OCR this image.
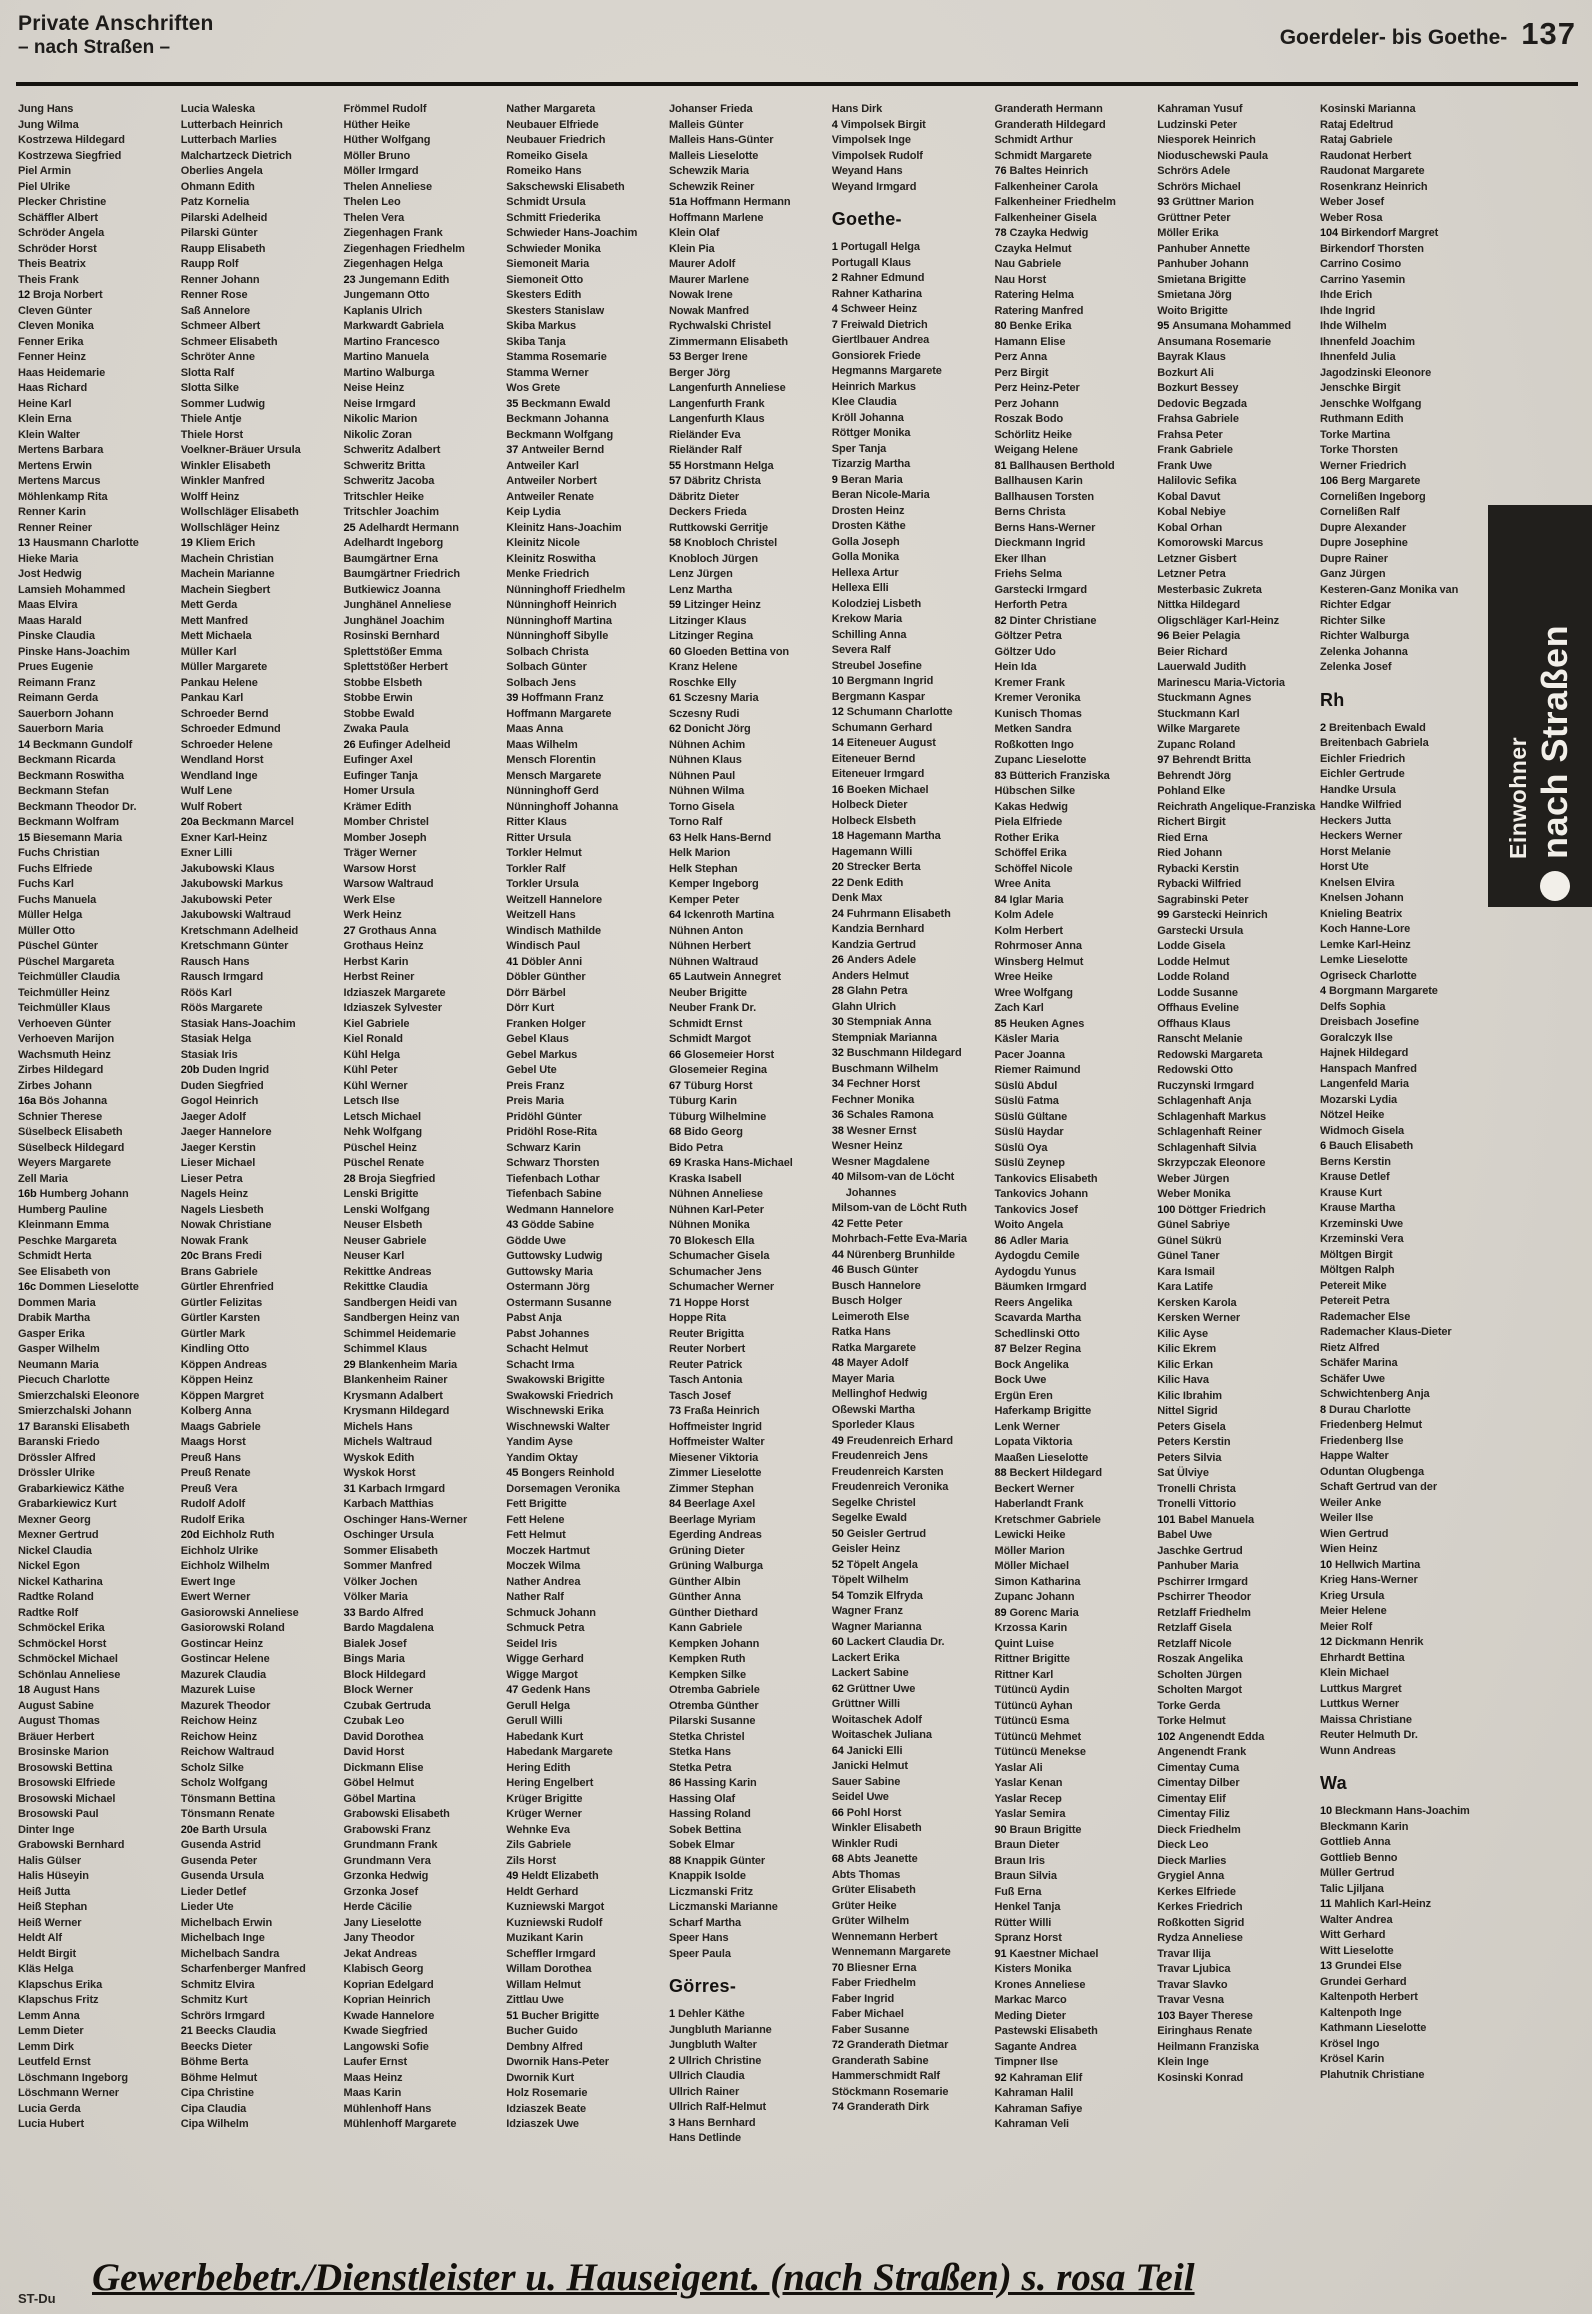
Private Anschriften
– nach Straßen –	Goerdeler- bis Goethe- 137
Jung Hans
Jung Wilma
Kostrzewa Hildegard
Kostrzewa Siegfried
Piel Armin
Piel Ulrike
Plecker Christine
Schäffler Albert
Schröder Angela
Schröder Horst
Theis Beatrix
Theis Frank
12 Broja Norbert
Cleven Günter
Cleven Monika
Fenner Erika
Fenner Heinz
Haas Heidemarie
Haas Richard
Heine Karl
Klein Erna
Klein Walter
Mertens Barbara
Mertens Erwin
Mertens Marcus
Möhlenkamp Rita
Renner Karin
Renner Reiner
13 Hausmann Charlotte
Hieke Maria
Jost Hedwig
Lamsieh Mohammed
Maas Elvira
Maas Harald
Pinske Claudia
Pinske Hans-Joachim
Prues Eugenie
Reimann Franz
Reimann Gerda
Sauerborn Johann
Sauerborn Maria
14 Beckmann Gundolf
Beckmann Ricarda
Beckmann Roswitha
Beckmann Stefan
Beckmann Theodor Dr.
Beckmann Wolfram
15 Biesemann Maria
Fuchs Christian
Fuchs Elfriede
Fuchs Karl
Fuchs Manuela
Müller Helga
Müller Otto
Püschel Günter
Püschel Margareta
Teichmüller Claudia
Teichmüller Heinz
Teichmüller Klaus
Verhoeven Günter
Verhoeven Marijon
Wachsmuth Heinz
Zirbes Hildegard
Zirbes Johann
16a Bös Johanna
Schnier Therese
Süselbeck Elisabeth
Süselbeck Hildegard
Weyers Margarete
Zell Maria
16b Humberg Johann
Humberg Pauline
Kleinmann Emma
Peschke Margareta
Schmidt Herta
See Elisabeth von
16c Dommen Lieselotte
Dommen Maria
Drabik Martha
Gasper Erika
Gasper Wilhelm
Neumann Maria
Piecuch Charlotte
Smierzchalski Eleonore
Smierzchalski Johann
17 Baranski Elisabeth
Baranski Friedo
Drössler Alfred
Drössler Ulrike
Grabarkiewicz Käthe
Grabarkiewicz Kurt
Mexner Georg
Mexner Gertrud
Nickel Claudia
Nickel Egon
Nickel Katharina
Radtke Roland
Radtke Rolf
Schmöckel Erika
Schmöckel Horst
Schmöckel Michael
Schönlau Anneliese
18 August Hans
August Sabine
August Thomas
Bräuer Herbert
Brosinske Marion
Brosowski Bettina
Brosowski Elfriede
Brosowski Michael
Brosowski Paul
Dinter Inge
Grabowski Bernhard
Halis Gülser
Halis Hüseyin
Heiß Jutta
Heiß Stephan
Heiß Werner
Heldt Alf
Heldt Birgit
Kläs Helga
Klapschus Erika
Klapschus Fritz
Lemm Anna
Lemm Dieter
Lemm Dirk
Leutfeld Ernst
Löschmann Ingeborg
Löschmann Werner
Lucia Gerda
Lucia Hubert
Lucia Waleska
Lutterbach Heinrich
Lutterbach Marlies
Malchartzeck Dietrich
Oberlies Angela
Ohmann Edith
Patz Kornelia
Pilarski Adelheid
Pilarski Günter
Raupp Elisabeth
Raupp Rolf
Renner Johann
Renner Rose
Saß Annelore
Schmeer Albert
Schmeer Elisabeth
Schröter Anne
Slotta Ralf
Slotta Silke
Sommer Ludwig
Thiele Antje
Thiele Horst
Voelkner-Bräuer Ursula
Winkler Elisabeth
Winkler Manfred
Wolff Heinz
Wollschläger Elisabeth
Wollschläger Heinz
19 Kliem Erich
Machein Christian
Machein Marianne
Machein Siegbert
Mett Gerda
Mett Manfred
Mett Michaela
Müller Karl
Müller Margarete
Pankau Helene
Pankau Karl
Schroeder Bernd
Schroeder Edmund
Schroeder Helene
Wendland Horst
Wendland Inge
Wulf Lene
Wulf Robert
20a Beckmann Marcel
Exner Karl-Heinz
Exner Lilli
Jakubowski Klaus
Jakubowski Markus
Jakubowski Peter
Jakubowski Waltraud
Kretschmann Adelheid
Kretschmann Günter
Rausch Hans
Rausch Irmgard
Röös Karl
Röös Margarete
Stasiak Hans-Joachim
Stasiak Helga
Stasiak Iris
20b Duden Ingrid
Duden Siegfried
Gogol Heinrich
Jaeger Adolf
Jaeger Hannelore
Jaeger Kerstin
Lieser Michael
Lieser Petra
Nagels Heinz
Nagels Liesbeth
Nowak Christiane
Nowak Frank
20c Brans Fredi
Brans Gabriele
Gürtler Ehrenfried
Gürtler Felizitas
Gürtler Karsten
Gürtler Mark
Kindling Otto
Köppen Andreas
Köppen Heinz
Köppen Margret
Kolberg Anna
Maags Gabriele
Maags Horst
Preuß Hans
Preuß Renate
Preuß Vera
Rudolf Adolf
Rudolf Erika
20d Eichholz Ruth
Eichholz Ulrike
Eichholz Wilhelm
Ewert Inge
Ewert Werner
Gasiorowski Anneliese
Gasiorowski Roland
Gostincar Heinz
Gostincar Helene
Mazurek Claudia
Mazurek Luise
Mazurek Theodor
Reichow Heinz
Reichow Heinz
Reichow Waltraud
Scholz Silke
Scholz Wolfgang
Tönsmann Bettina
Tönsmann Renate
20e Barth Ursula
Gusenda Astrid
Gusenda Peter
Gusenda Ursula
Lieder Detlef
Lieder Ute
Michelbach Erwin
Michelbach Inge
Michelbach Sandra
Scharfenberger Manfred
Schmitz Elvira
Schmitz Kurt
Schrörs Irmgard
21 Beecks Claudia
Beecks Dieter
Böhme Berta
Böhme Helmut
Cipa Christine
Cipa Claudia
Cipa Wilhelm
Frömmel Rudolf
Hüther Heike
Hüther Wolfgang
Möller Bruno
Möller Irmgard
Thelen Anneliese
Thelen Leo
Thelen Vera
Ziegenhagen Frank
Ziegenhagen Friedhelm
Ziegenhagen Helga
23 Jungemann Edith
Jungemann Otto
Kaplanis Ulrich
Markwardt Gabriela
Martino Francesco
Martino Manuela
Martino Walburga
Neise Heinz
Neise Irmgard
Nikolic Marion
Nikolic Zoran
Schweritz Adalbert
Schweritz Britta
Schweritz Jacoba
Tritschler Heike
Tritschler Joachim
25 Adelhardt Hermann
Adelhardt Ingeborg
Baumgärtner Erna
Baumgärtner Friedrich
Butkiewicz Joanna
Junghänel Anneliese
Junghänel Joachim
Rosinski Bernhard
Splettstößer Emma
Splettstößer Herbert
Stobbe Elsbeth
Stobbe Erwin
Stobbe Ewald
Zwaka Paula
26 Eufinger Adelheid
Eufinger Axel
Eufinger Tanja
Homer Ursula
Krämer Edith
Momber Christel
Momber Joseph
Träger Werner
Warsow Horst
Warsow Waltraud
Werk Else
Werk Heinz
27 Grothaus Anna
Grothaus Heinz
Herbst Karin
Herbst Reiner
Idziaszek Margarete
Idziaszek Sylvester
Kiel Gabriele
Kiel Ronald
Kühl Helga
Kühl Peter
Kühl Werner
Letsch Ilse
Letsch Michael
Nehk Wolfgang
Püschel Heinz
Püschel Renate
28 Broja Siegfried
Lenski Brigitte
Lenski Wolfgang
Neuser Elsbeth
Neuser Gabriele
Neuser Karl
Rekittke Andreas
Rekittke Claudia
Sandbergen Heidi van
Sandbergen Heinz van
Schimmel Heidemarie
Schimmel Klaus
29 Blankenheim Maria
Blankenheim Rainer
Krysmann Adalbert
Krysmann Hildegard
Michels Hans
Michels Waltraud
Wyskok Edith
Wyskok Horst
31 Karbach Irmgard
Karbach Matthias
Oschinger Hans-Werner
Oschinger Ursula
Sommer Elisabeth
Sommer Manfred
Völker Jochen
Völker Maria
33 Bardo Alfred
Bardo Magdalena
Bialek Josef
Bings Maria
Block Hildegard
Block Werner
Czubak Gertruda
Czubak Leo
David Dorothea
David Horst
Dickmann Elise
Göbel Helmut
Göbel Martina
Grabowski Elisabeth
Grabowski Franz
Grundmann Frank
Grundmann Vera
Grzonka Hedwig
Grzonka Josef
Herde Cäcilie
Jany Lieselotte
Jany Theodor
Jekat Andreas
Klabisch Georg
Koprian Edelgard
Koprian Heinrich
Kwade Hannelore
Kwade Siegfried
Langowski Sofie
Laufer Ernst
Maas Heinz
Maas Karin
Mühlenhoff Hans
Mühlenhoff Margarete
Nather Margareta
Neubauer Elfriede
Neubauer Friedrich
Romeiko Gisela
Romeiko Hans
Sakschewski Elisabeth
Schmidt Ursula
Schmitt Friederika
Schwieder Hans-Joachim
Schwieder Monika
Siemoneit Maria
Siemoneit Otto
Skesters Edith
Skesters Stanislaw
Skiba Markus
Skiba Tanja
Stamma Rosemarie
Stamma Werner
Wos Grete
35 Beckmann Ewald
Beckmann Johanna
Beckmann Wolfgang
37 Antweiler Bernd
Antweiler Karl
Antweiler Norbert
Antweiler Renate
Keip Lydia
Kleinitz Hans-Joachim
Kleinitz Nicole
Kleinitz Roswitha
Menke Friedrich
Nünninghoff Friedhelm
Nünninghoff Heinrich
Nünninghoff Martina
Nünninghoff Sibylle
Solbach Christa
Solbach Günter
Solbach Jens
39 Hoffmann Franz
Hoffmann Margarete
Maas Anna
Maas Wilhelm
Mensch Florentin
Mensch Margarete
Nünninghoff Gerd
Nünninghoff Johanna
Ritter Klaus
Ritter Ursula
Torkler Helmut
Torkler Ralf
Torkler Ursula
Weitzell Hannelore
Weitzell Hans
Windisch Mathilde
Windisch Paul
41 Döbler Anni
Döbler Günther
Dörr Bärbel
Dörr Kurt
Franken Holger
Gebel Klaus
Gebel Markus
Gebel Ute
Preis Franz
Preis Maria
Pridöhl Günter
Pridöhl Rose-Rita
Schwarz Karin
Schwarz Thorsten
Tiefenbach Lothar
Tiefenbach Sabine
Wedmann Hannelore
43 Gödde Sabine
Gödde Uwe
Guttowsky Ludwig
Guttowsky Maria
Ostermann Jörg
Ostermann Susanne
Pabst Anja
Pabst Johannes
Schacht Helmut
Schacht Irma
Swakowski Brigitte
Swakowski Friedrich
Wischnewski Erika
Wischnewski Walter
Yandim Ayse
Yandim Oktay
45 Bongers Reinhold
Dorsemagen Veronika
Fett Brigitte
Fett Helene
Fett Helmut
Moczek Hartmut
Moczek Wilma
Nather Andrea
Nather Ralf
Schmuck Johann
Schmuck Petra
Seidel Iris
Wigge Gerhard
Wigge Margot
47 Gedenk Hans
Gerull Helga
Gerull Willi
Habedank Kurt
Habedank Margarete
Hering Edith
Hering Engelbert
Krüger Brigitte
Krüger Werner
Wehnke Eva
Zils Gabriele
Zils Horst
49 Heldt Elizabeth
Heldt Gerhard
Kuzniewski Margot
Kuzniewski Rudolf
Muzikant Karin
Scheffler Irmgard
Willam Dorothea
Willam Helmut
Zittlau Uwe
51 Bucher Brigitte
Bucher Guido
Dembny Alfred
Dwornik Hans-Peter
Dwornik Kurt
Holz Rosemarie
Idziaszek Beate
Idziaszek Uwe
Johanser Frieda
Malleis Günter
Malleis Hans-Günter
Malleis Lieselotte
Schewzik Maria
Schewzik Reiner
51a Hoffmann Hermann
Hoffmann Marlene
Klein Olaf
Klein Pia
Maurer Adolf
Maurer Marlene
Nowak Irene
Nowak Manfred
Rychwalski Christel
Zimmermann Elisabeth
53 Berger Irene
Berger Jörg
Langenfurth Anneliese
Langenfurth Frank
Langenfurth Klaus
Rieländer Eva
Rieländer Ralf
55 Horstmann Helga
57 Däbritz Christa
Däbritz Dieter
Deckers Frieda
Ruttkowski Gerritje
58 Knobloch Christel
Knobloch Jürgen
Lenz Jürgen
Lenz Martha
59 Litzinger Heinz
Litzinger Klaus
Litzinger Regina
60 Gloeden Bettina von
Kranz Helene
Roschke Elly
61 Sczesny Maria
Sczesny Rudi
62 Donicht Jörg
Nühnen Achim
Nühnen Klaus
Nühnen Paul
Nühnen Wilma
Torno Gisela
Torno Ralf
63 Helk Hans-Bernd
Helk Marion
Helk Stephan
Kemper Ingeborg
Kemper Peter
64 Ickenroth Martina
Nühnen Anton
Nühnen Herbert
Nühnen Waltraud
65 Lautwein Annegret
Neuber Brigitte
Neuber Frank Dr.
Schmidt Ernst
Schmidt Margot
66 Glosemeier Horst
Glosemeier Regina
67 Tüburg Horst
Tüburg Karin
Tüburg Wilhelmine
68 Bido Georg
Bido Petra
69 Kraska Hans-Michael
Kraska Isabell
Nühnen Anneliese
Nühnen Karl-Peter
Nühnen Monika
70 Blokesch Ella
Schumacher Gisela
Schumacher Jens
Schumacher Werner
71 Hoppe Horst
Hoppe Rita
Reuter Brigitta
Reuter Norbert
Reuter Patrick
Tasch Antonia
Tasch Josef
73 Fraßa Heinrich
Hoffmeister Ingrid
Hoffmeister Walter
Miesener Viktoria
Zimmer Lieselotte
Zimmer Stephan
84 Beerlage Axel
Beerlage Myriam
Egerding Andreas
Grüning Dieter
Grüning Walburga
Günther Albin
Günther Anna
Günther Diethard
Kann Gabriele
Kempken Johann
Kempken Ruth
Kempken Silke
Otremba Gabriele
Otremba Günther
Pilarski Susanne
Stetka Christel
Stetka Hans
Stetka Petra
86 Hassing Karin
Hassing Olaf
Hassing Roland
Sobek Bettina
Sobek Elmar
88 Knappik Günter
Knappik Isolde
Liczmanski Fritz
Liczmanski Marianne
Scharf Martha
Speer Hans
Speer Paula
Görres-
1 Dehler Käthe
Jungbluth Marianne
Jungbluth Walter
2 Ullrich Christine
Ullrich Claudia
Ullrich Rainer
Ullrich Ralf-Helmut
3 Hans Bernhard
Hans Detlinde
Hans Dirk
4 Vimpolsek Birgit
Vimpolsek Inge
Vimpolsek Rudolf
Weyand Hans
Weyand Irmgard
Goethe-
1 Portugall Helga
Portugall Klaus
2 Rahner Edmund
Rahner Katharina
4 Schweer Heinz
7 Freiwald Dietrich
Giertlbauer Andrea
Gonsiorek Friede
Hegmanns Margarete
Heinrich Markus
Klee Claudia
Kröll Johanna
Röttger Monika
Sper Tanja
Tizarzig Martha
9 Beran Maria
Beran Nicole-Maria
Drosten Heinz
Drosten Käthe
Golla Joseph
Golla Monika
Hellexa Artur
Hellexa Elli
Kolodziej Lisbeth
Krekow Maria
Schilling Anna
Severa Ralf
Streubel Josefine
10 Bergmann Ingrid
Bergmann Kaspar
12 Schumann Charlotte
Schumann Gerhard
14 Eiteneuer August
Eiteneuer Bernd
Eiteneuer Irmgard
16 Boeken Michael
Holbeck Dieter
Holbeck Elsbeth
18 Hagemann Martha
Hagemann Willi
20 Strecker Berta
22 Denk Edith
Denk Max
24 Fuhrmann Elisabeth
Kandzia Bernhard
Kandzia Gertrud
26 Anders Adele
Anders Helmut
28 Glahn Petra
Glahn Ulrich
30 Stempniak Anna
Stempniak Marianna
32 Buschmann Hildegard
Buschmann Wilhelm
34 Fechner Horst
Fechner Monika
36 Schales Ramona
38 Wesner Ernst
Wesner Heinz
Wesner Magdalene
40 Milsom-van de Löcht Johannes
Milsom-van de Löcht Ruth
42 Fette Peter
Mohrbach-Fette Eva-Maria
44 Nürenberg Brunhilde
46 Busch Günter
Busch Hannelore
Busch Holger
Leimeroth Else
Ratka Hans
Ratka Margarete
48 Mayer Adolf
Mayer Maria
Mellinghof Hedwig
Oßewski Martha
Sporleder Klaus
49 Freudenreich Erhard
Freudenreich Jens
Freudenreich Karsten
Freudenreich Veronika
Segelke Christel
Segelke Ewald
50 Geisler Gertrud
Geisler Heinz
52 Töpelt Angela
Töpelt Wilhelm
54 Tomzik Elfryda
Wagner Franz
Wagner Marianna
60 Lackert Claudia Dr.
Lackert Erika
Lackert Sabine
62 Grüttner Uwe
Grüttner Willi
Woitaschek Adolf
Woitaschek Juliana
64 Janicki Elli
Janicki Helmut
Sauer Sabine
Seidel Uwe
66 Pohl Horst
Winkler Elisabeth
Winkler Rudi
68 Abts Jeanette
Abts Thomas
Grüter Elisabeth
Grüter Heike
Grüter Wilhelm
Wennemann Herbert
Wennemann Margarete
70 Bliesner Erna
Faber Friedhelm
Faber Ingrid
Faber Michael
Faber Susanne
72 Granderath Dietmar
Granderath Sabine
Hammerschmidt Ralf
Stöckmann Rosemarie
74 Granderath Dirk
Granderath Hermann
Granderath Hildegard
Schmidt Arthur
Schmidt Margarete
76 Baltes Heinrich
Falkenheiner Carola
Falkenheiner Friedhelm
Falkenheiner Gisela
78 Czayka Hedwig
Czayka Helmut
Nau Gabriele
Nau Horst
Ratering Helma
Ratering Manfred
80 Benke Erika
Hamann Elise
Perz Anna
Perz Birgit
Perz Heinz-Peter
Perz Johann
Roszak Bodo
Schörlitz Heike
Weigang Helene
81 Ballhausen Berthold
Ballhausen Karin
Ballhausen Torsten
Berns Christa
Berns Hans-Werner
Dieckmann Ingrid
Eker Ilhan
Friehs Selma
Garstecki Irmgard
Herforth Petra
82 Dinter Christiane
Göltzer Petra
Göltzer Udo
Hein Ida
Kremer Frank
Kremer Veronika
Kunisch Thomas
Metken Sandra
Roßkotten Ingo
Zupanc Lieselotte
83 Bütterich Franziska
Hübschen Silke
Kakas Hedwig
Piela Elfriede
Rother Erika
Schöffel Erika
Schöffel Nicole
Wree Anita
84 Iglar Maria
Kolm Adele
Kolm Herbert
Rohrmoser Anna
Winsberg Helmut
Wree Heike
Wree Wolfgang
Zach Karl
85 Heuken Agnes
Käsler Maria
Pacer Joanna
Riemer Raimund
Süslü Abdul
Süslü Fatma
Süslü Gültane
Süslü Haydar
Süslü Oya
Süslü Zeynep
Tankovics Elisabeth
Tankovics Johann
Tankovics Josef
Woito Angela
86 Adler Maria
Aydogdu Cemile
Aydogdu Yunus
Bäumken Irmgard
Reers Angelika
Scavarda Martha
Schedlinski Otto
87 Belzer Regina
Bock Angelika
Bock Uwe
Ergün Eren
Haferkamp Brigitte
Lenk Werner
Lopata Viktoria
Maaßen Lieselotte
88 Beckert Hildegard
Beckert Werner
Haberlandt Frank
Kretschmer Gabriele
Lewicki Heike
Möller Marion
Möller Michael
Simon Katharina
Zupanc Johann
89 Gorenc Maria
Krzossa Karin
Quint Luise
Rittner Brigitte
Rittner Karl
Tütüncü Aydin
Tütüncü Ayhan
Tütüncü Esma
Tütüncü Mehmet
Tütüncü Menekse
Yaslar Ali
Yaslar Kenan
Yaslar Recep
Yaslar Semira
90 Braun Brigitte
Braun Dieter
Braun Iris
Braun Silvia
Fuß Erna
Henkel Tanja
Rütter Willi
Spranz Horst
91 Kaestner Michael
Kisters Monika
Krones Anneliese
Markac Marco
Meding Dieter
Pastewski Elisabeth
Sagante Andrea
Timpner Ilse
92 Kahraman Elif
Kahraman Halil
Kahraman Safiye
Kahraman Veli
Kahraman Yusuf
Ludzinski Peter
Niesporek Heinrich
Nioduschewski Paula
Schrörs Adele
Schrörs Michael
93 Grüttner Marion
Grüttner Peter
Möller Erika
Panhuber Annette
Panhuber Johann
Smietana Brigitte
Smietana Jörg
Woito Brigitte
95 Ansumana Mohammed
Ansumana Rosemarie
Bayrak Klaus
Bozkurt Ali
Bozkurt Bessey
Dedovic Begzada
Frahsa Gabriele
Frahsa Peter
Frank Gabriele
Frank Uwe
Halilovic Sefika
Kobal Davut
Kobal Nebiye
Kobal Orhan
Komorowski Marcus
Letzner Gisbert
Letzner Petra
Mesterbasic Zukreta
Nittka Hildegard
Oligschläger Karl-Heinz
96 Beier Pelagia
Beier Richard
Lauerwald Judith
Marinescu Maria-Victoria
Stuckmann Agnes
Stuckmann Karl
Wilke Margarete
Zupanc Roland
97 Behrendt Britta
Behrendt Jörg
Pohland Elke
Reichrath Angelique-Franziska
Richert Birgit
Ried Erna
Ried Johann
Rybacki Kerstin
Rybacki Wilfried
Sagrabinski Peter
99 Garstecki Heinrich
Garstecki Ursula
Lodde Gisela
Lodde Helmut
Lodde Roland
Lodde Susanne
Offhaus Eveline
Offhaus Klaus
Ranscht Melanie
Redowski Margareta
Redowski Otto
Ruczynski Irmgard
Schlagenhaft Anja
Schlagenhaft Markus
Schlagenhaft Reiner
Schlagenhaft Silvia
Skrzypczak Eleonore
Weber Jürgen
Weber Monika
100 Döttger Friedrich
Günel Sabriye
Günel Sükrü
Günel Taner
Kara Ismail
Kara Latife
Kersken Karola
Kersken Werner
Kilic Ayse
Kilic Ekrem
Kilic Erkan
Kilic Hava
Kilic Ibrahim
Nittel Sigrid
Peters Gisela
Peters Kerstin
Peters Silvia
Sat Ülviye
Tronelli Christa
Tronelli Vittorio
101 Babel Manuela
Babel Uwe
Jaschke Gertrud
Panhuber Maria
Pschirrer Irmgard
Pschirrer Theodor
Retzlaff Friedhelm
Retzlaff Gisela
Retzlaff Nicole
Roszak Angelika
Scholten Jürgen
Scholten Margot
Torke Gerda
Torke Helmut
102 Angenendt Edda
Angenendt Frank
Cimentay Cuma
Cimentay Dilber
Cimentay Elif
Cimentay Filiz
Dieck Friedhelm
Dieck Leo
Dieck Marlies
Grygiel Anna
Kerkes Elfriede
Kerkes Friedrich
Roßkotten Sigrid
Rydza Anneliese
Travar Ilija
Travar Ljubica
Travar Slavko
Travar Vesna
103 Bayer Therese
Eiringhaus Renate
Heilmann Franziska
Klein Inge
Kosinski Konrad
Kosinski Marianna
Rataj Edeltrud
Rataj Gabriele
Raudonat Herbert
Raudonat Margarete
Rosenkranz Heinrich
Weber Josef
Weber Rosa
104 Birkendorf Margret
Birkendorf Thorsten
Carrino Cosimo
Carrino Yasemin
Ihde Erich
Ihde Ingrid
Ihde Wilhelm
Ihnenfeld Joachim
Ihnenfeld Julia
Jagodzinski Eleonore
Jenschke Birgit
Jenschke Wolfgang
Ruthmann Edith
Torke Martina
Torke Thorsten
Werner Friedrich
106 Berg Margarete
Cornelißen Ingeborg
Cornelißen Ralf
Dupre Alexander
Dupre Josephine
Dupre Rainer
Ganz Jürgen
Kesteren-Ganz Monika van
Richter Edgar
Richter Silke
Richter Walburga
Zelenka Johanna
Zelenka Josef
Rh
2 Breitenbach Ewald
Breitenbach Gabriela
Eichler Friedrich
Eichler Gertrude
Handke Ursula
Handke Wilfried
Heckers Jutta
Heckers Werner
Horst Melanie
Horst Ute
Knelsen Elvira
Knelsen Johann
Knieling Beatrix
Koch Hanne-Lore
Lemke Karl-Heinz
Lemke Lieselotte
Ogriseck Charlotte
4 Borgmann Margarete
Delfs Sophia
Dreisbach Josefine
Goralczyk Ilse
Hajnek Hildegard
Hanspach Manfred
Langenfeld Maria
Mozarski Lydia
Nötzel Heike
Widmoch Gisela
6 Bauch Elisabeth
Berns Kerstin
Krause Detlef
Krause Kurt
Krause Martha
Krzeminski Uwe
Krzeminski Vera
Möltgen Birgit
Möltgen Ralph
Petereit Mike
Petereit Petra
Rademacher Else
Rademacher Klaus-Dieter
Rietz Alfred
Schäfer Marina
Schäfer Uwe
Schwichtenberg Anja
8 Durau Charlotte
Friedenberg Helmut
Friedenberg Ilse
Happe Walter
Oduntan Olugbenga
Schaft Gertrud van der
Weiler Anke
Weiler Ilse
Wien Gertrud
Wien Heinz
10 Hellwich Martina
Krieg Hans-Werner
Krieg Ursula
Meier Helene
Meier Rolf
12 Dickmann Henrik
Ehrhardt Bettina
Klein Michael
Luttkus Margret
Luttkus Werner
Maissa Christiane
Reuter Helmuth Dr.
Wunn Andreas
Wa
10 Bleckmann Hans-Joachim
Bleckmann Karin
Gottlieb Anna
Gottlieb Benno
Müller Gertrud
Talic Ljiljana
11 Mahlich Karl-Heinz
Walter Andrea
Witt Gerhard
Witt Lieselotte
13 Grundei Else
Grundei Gerhard
Kaltenpoth Herbert
Kaltenpoth Inge
Kathmann Lieselotte
Krösel Ingo
Krösel Karin
Plahutnik Christiane
Einwohner nach Straßen
Gewerbebetr./Dienstleister u. Hauseigent. (nach Straßen) s. rosa Teil
ST-Du
